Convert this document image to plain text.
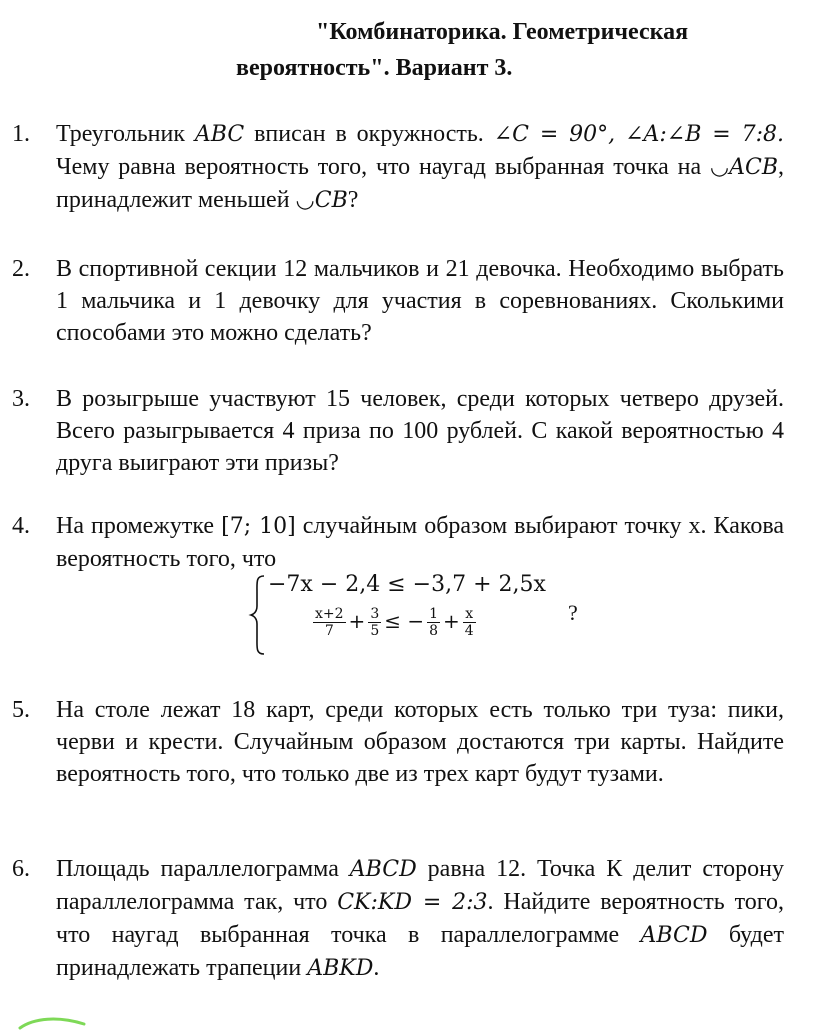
"Комбинаторика. Геометрическая
вероятность". Вариант 3.
1.	Треугольник ABC вписан в окружность. ∠C = 90°, ∠A:∠B = 7:8. Чему равна вероятность того, что наугад выбранная точка на ◡ACB, принадлежит меньшей ◡CB?
2.	В спортивной секции 12 мальчиков и 21 девочка. Необходимо выбрать 1 мальчика и 1 девочку для участия в соревнованиях. Сколькими способами это можно сделать?
3.	В розыгрыше участвуют 15 человек, среди которых четверо друзей. Всего разыгрывается 4 приза по 100 рублей. С какой вероятностью 4 друга выиграют эти призы?
4.	На промежутке [7; 10] случайным образом выбирают точку х. Какова вероятность того, что
−7x − 2,4 ≤ −3,7 + 2,5x
$\frac{x+2}{7} + \frac{3}{5}$ ≤ − $\frac{1}{8} + \frac{x}{4}$	?
5.	На столе лежат 18 карт, среди которых есть только три туза: пики, черви и крести. Случайным образом достаются три карты. Найдите вероятность того, что только две из трех карт будут тузами.
6.	Площадь параллелограмма ABCD равна 12. Точка К делит сторону параллелограмма так, что CK:KD = 2:3. Найдите вероятность того, что наугад выбранная точка в параллелограмме ABCD будет принадлежать трапеции ABKD.
